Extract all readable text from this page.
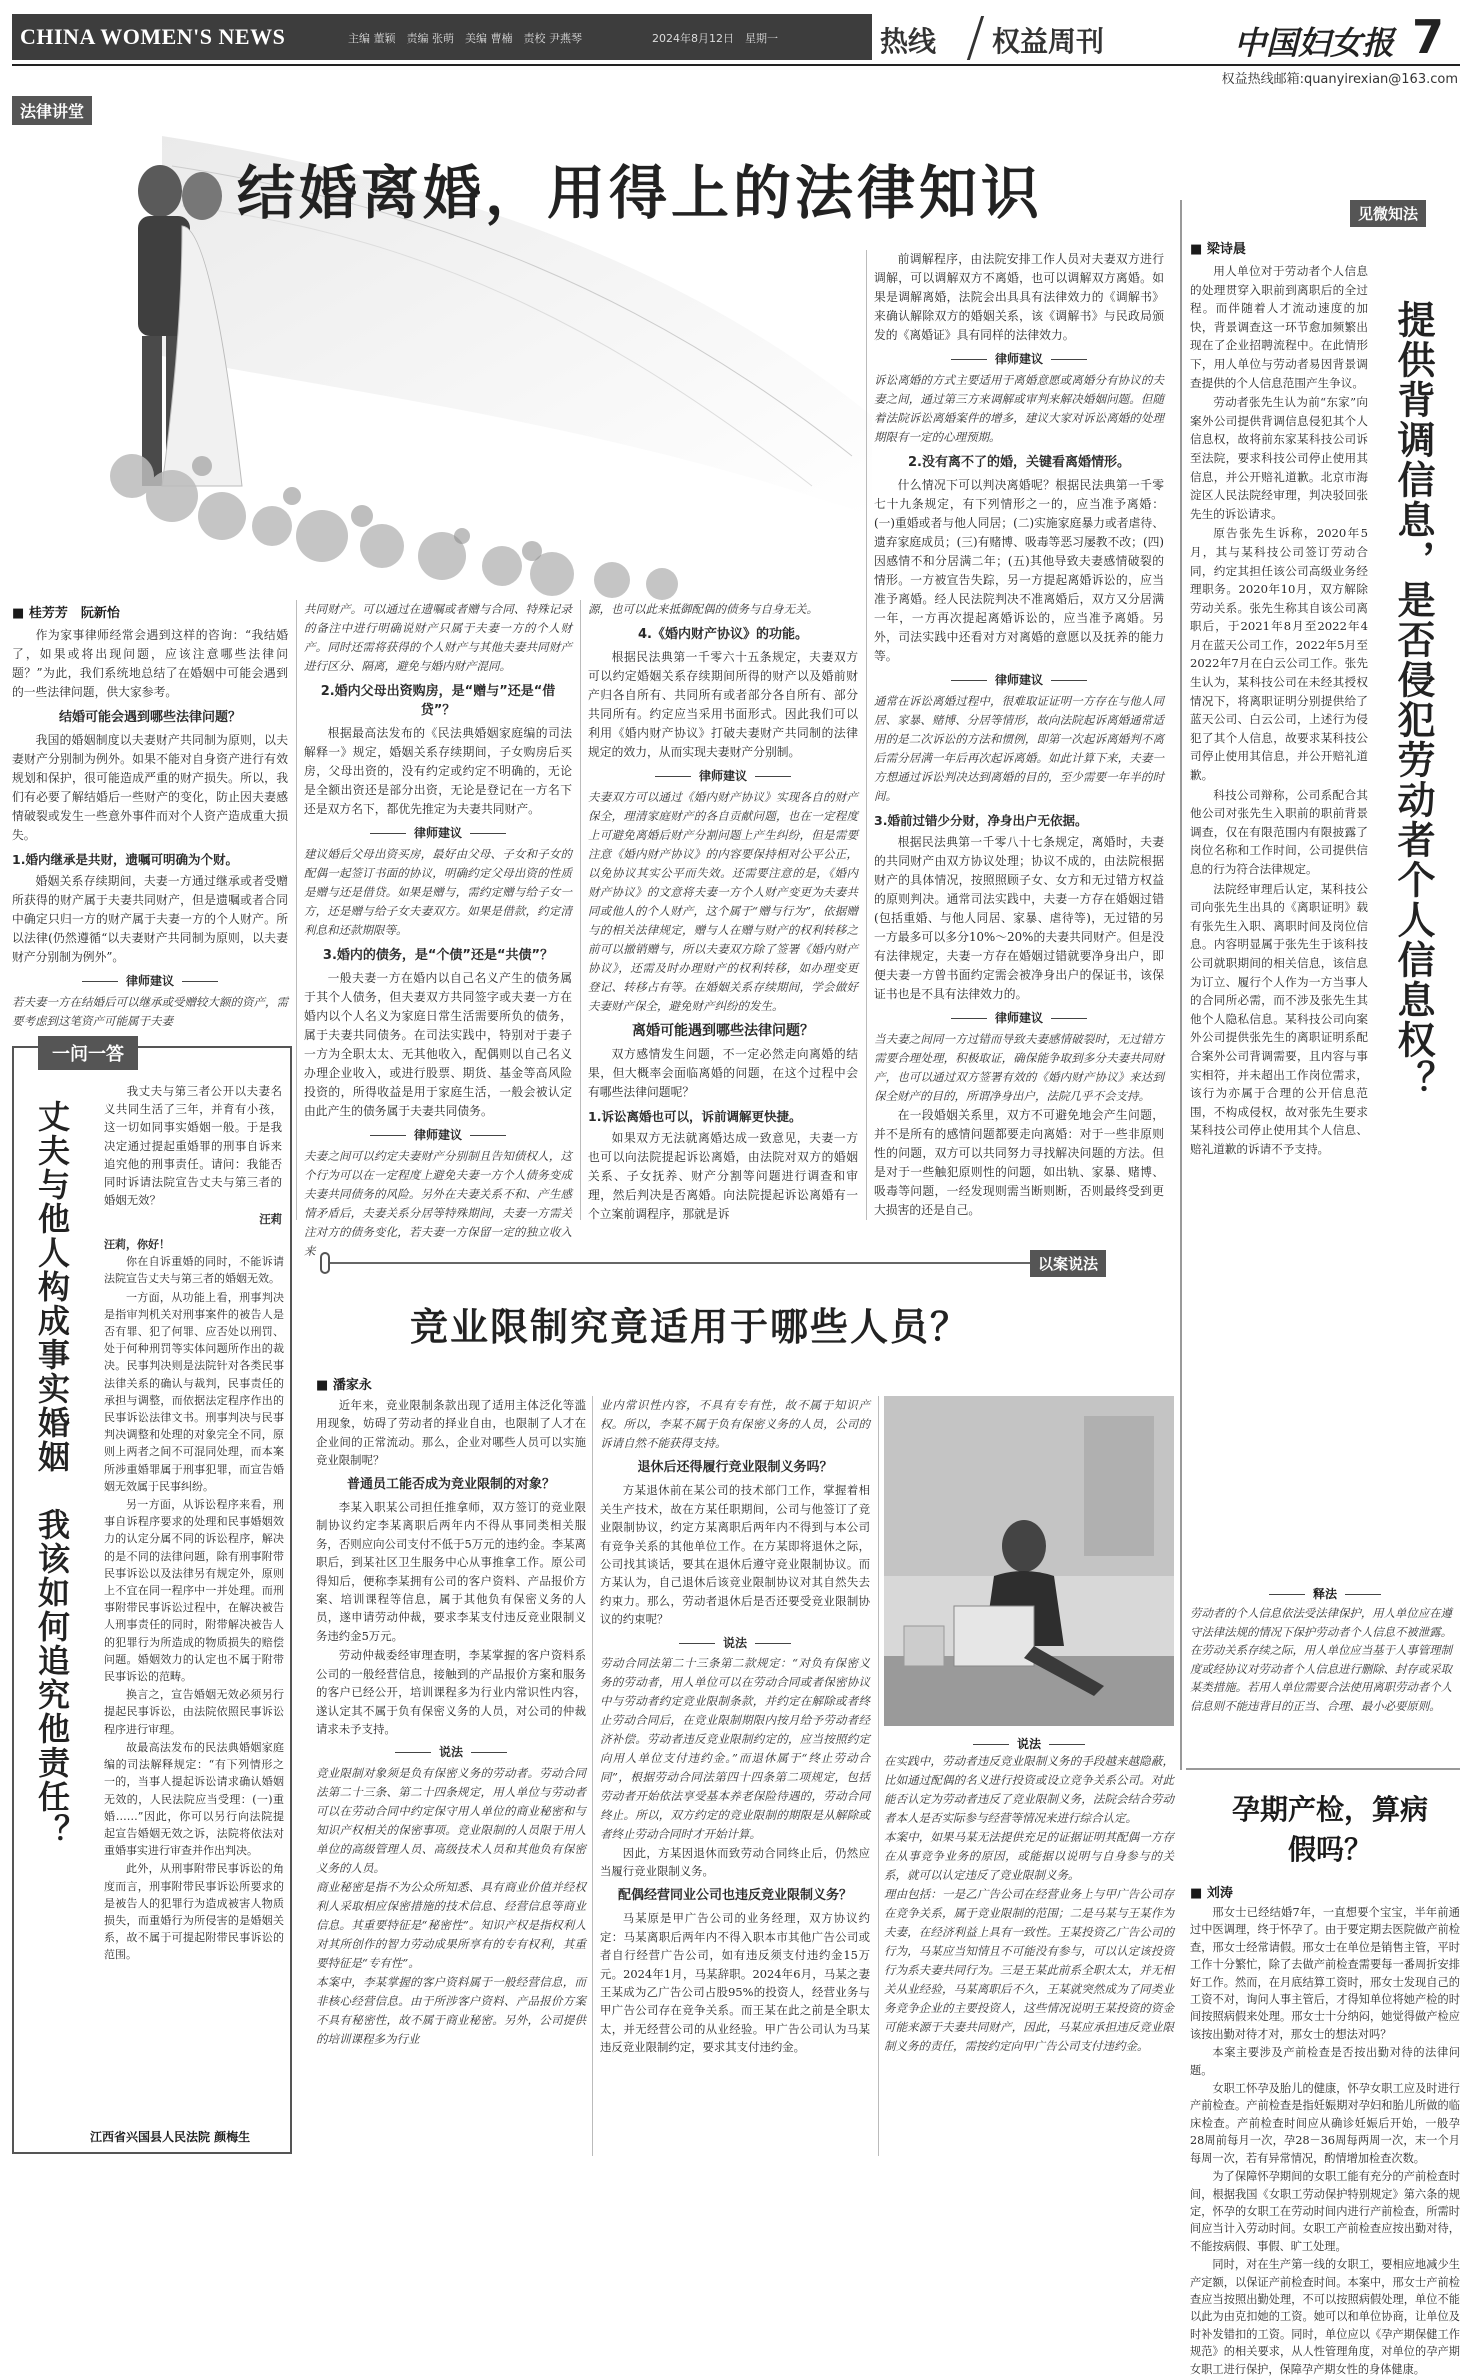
CHINA WOMEN'S NEWS	主编 董颖　责编 张萌　美编 曹楠　责校 尹燕琴	2024年8月12日　星期一	热线 权益周刊	中国妇女报 7
权益热线邮箱:quanyirexian@163.com
法律讲堂
结婚离婚，用得上的法律知识
■ 桂芳芳　阮新怡

作为家事律师经常会遇到这样的咨询：“我结婚了，如果或将出现问题，应该注意哪些法律问题？”为此，我们系统地总结了在婚姻中可能会遇到的一些法律问题，供大家参考。

结婚可能会遇到哪些法律问题？

我国的婚姻制度以夫妻财产共同制为原则，以夫妻财产分别制为例外。如果不能对自身资产进行有效规划和保护，很可能造成严重的财产损失。所以，我们有必要了解结婚后一些财产的变化，防止因夫妻感情破裂或发生一些意外事件而对个人资产造成重大损失。

1.婚内继承是共财，遗嘱可明确为个财。

婚姻关系存续期间，夫妻一方通过继承或者受赠所获得的财产属于夫妻共同财产，但是遗嘱或者合同中确定只归一方的财产属于夫妻一方的个人财产。所以法律(仍然遵循“以夫妻财产共同制为原则，以夫妻财产分别制为例外”。

律师建议
若夫妻一方在结婚后可以继承或受赠较大额的资产，需要考虑到这笔资产可能属于夫妻
共同财产。可以通过在遗嘱或者赠与合同、特殊记录的备注中进行明确说财产只属于夫妻一方的个人财产。同时还需将获得的个人财产与其他夫妻共同财产进行区分、隔离，避免与婚内财产混同。
2.婚内父母出资购房，是“赠与”还是“借贷”？

根据最高法发布的《民法典婚姻家庭编的司法解释一》规定，婚姻关系存续期间，子女购房后买房，父母出资的，没有约定或约定不明确的，无论是全额出资还是部分出资，无论是登记在一方名下还是双方名下，都优先推定为夫妻共同财产。

律师建议
建议婚后父母出资买房，最好由父母、子女和子女的配偶一起签订书面的协议，明确约定父母出资的性质是赠与还是借贷。如果是赠与，需约定赠与给子女一方，还是赠与给子女夫妻双方。如果是借款，约定清利息和还款期限等。
3.婚内的债务，是“个债”还是“共债”？

一般夫妻一方在婚内以自己名义产生的债务属于其个人债务，但夫妻双方共同签字或夫妻一方在婚内以个人名义为家庭日常生活需要所负的债务，属于夫妻共同债务。在司法实践中，特别对于妻子一方为全职太太、无其他收入，配偶则以自己名义办理企业收入，或进行股票、期货、基金等高风险投资的，所得收益是用于家庭生活，一般会被认定由此产生的债务属于夫妻共同债务。

律师建议
夫妻之间可以约定夫妻财产分别制且告知债权人，这个行为可以在一定程度上避免夫妻一方个人债务变成夫妻共同债务的风险。另外在夫妻关系不和、产生感情矛盾后，夫妻关系分居等特殊期间，夫妻一方需关注对方的债务变化，若夫妻一方保留一定的独立收入来
源，也可以此来抵御配偶的债务与自身无关。
4.《婚内财产协议》的功能。

根据民法典第一千零六十五条规定，夫妻双方可以约定婚姻关系存续期间所得的财产以及婚前财产归各自所有、共同所有或者部分各自所有、部分共同所有。约定应当采用书面形式。因此我们可以利用《婚内财产协议》打破夫妻财产共同制的法律规定的效力，从而实现夫妻财产分别制。

律师建议
夫妻双方可以通过《婚内财产协议》实现各自的财产保全，理清家庭财产的各自贡献问题，也在一定程度上可避免离婚后财产分割问题上产生纠纷，但是需要注意《婚内财产协议》的内容要保持相对公平公正，以免协议其实公平而失效。还需要注意的是，《婚内财产协议》的文意将夫妻一方个人财产变更为夫妻共同或他人的个人财产，这个属于“赠与行为”，依据赠与的相关法律规定，赠与人在赠与财产的权利转移之前可以撤销赠与，所以夫妻双方除了签署《婚内财产协议》，还需及时办理财产的权利转移，如办理变更登记、转移占有等。在婚姻关系存续期间，学会做好夫妻财产保全，避免财产纠纷的发生。
离婚可能遇到哪些法律问题？

双方感情发生问题，不一定必然走向离婚的结果，但大概率会面临离婚的问题，在这个过程中会有哪些法律问题呢？

1.诉讼离婚也可以，诉前调解更快捷。

如果双方无法就离婚达成一致意见，夫妻一方也可以向法院提起诉讼离婚，由法院对双方的婚姻关系、子女抚养、财产分割等问题进行调查和审理，然后判决是否离婚。向法院提起诉讼离婚有一个立案前调程序，那就是诉

前调解程序，由法院安排工作人员对夫妻双方进行调解，可以调解双方不离婚，也可以调解双方离婚。如果是调解离婚，法院会出具具有法律效力的《调解书》来确认解除双方的婚姻关系，该《调解书》与民政局颁发的《离婚证》具有同样的法律效力。

律师建议
诉讼离婚的方式主要适用于离婚意愿或离婚分有协议的夫妻之间，通过第三方来调解或审判来解决婚姻问题。但随着法院诉讼离婚案件的增多，建议大家对诉讼离婚的处理期限有一定的心理预期。
2.没有离不了的婚，关键看离婚情形。

什么情况下可以判决离婚呢？根据民法典第一千零七十九条规定，有下列情形之一的，应当准予离婚：(一)重婚或者与他人同居；(二)实施家庭暴力或者虐待、遗弃家庭成员；(三)有赌博、吸毒等恶习屡教不改；(四)因感情不和分居满二年；(五)其他导致夫妻感情破裂的情形。一方被宣告失踪，另一方提起离婚诉讼的，应当准予离婚。经人民法院判决不准离婚后，双方又分居满一年，一方再次提起离婚诉讼的，应当准予离婚。另外，司法实践中还看对方对离婚的意愿以及抚养的能力等。

律师建议
通常在诉讼离婚过程中，很难取证证明一方存在与他人同居、家暴、赌博、分居等情形，故向法院起诉离婚通常适用的是二次诉讼的方法和惯例，即第一次起诉离婚判不离后需分居满一年后再次起诉离婚。如此计算下来，夫妻一方想通过诉讼判决达到离婚的目的，至少需要一年半的时间。
3.婚前过错少分财，净身出户无依据。

根据民法典第一千零八十七条规定，离婚时，夫妻的共同财产由双方协议处理；协议不成的，由法院根据财产的具体情况，按照照顾子女、女方和无过错方权益的原则判决。通常司法实践中，夫妻一方存在婚姻过错(包括重婚、与他人同居、家暴、虐待等)，无过错的另一方最多可以多分10%～20%的夫妻共同财产。但是没有法律规定，夫妻一方存在婚姻过错就要净身出户，即便夫妻一方曾书面约定需会被净身出户的保证书，该保证书也是不具有法律效力的。

律师建议
当夫妻之间同一方过错而导致夫妻感情破裂时，无过错方需要合理处理，积极取证，确保能争取到多分夫妻共同财产，也可以通过双方签署有效的《婚内财产协议》来达到保全财产的目的，所谓净身出户，法院几乎不会支持。

在一段婚姻关系里，双方不可避免地会产生问题，并不是所有的感情问题都要走向离婚：对于一些非原则性的问题，双方可以共同努力寻找解决问题的方法。但是对于一些触犯原则性的问题，如出轨、家暴、赌博、吸毒等问题，一经发现则需当断则断，否则最终受到更大损害的还是自己。

见微知法
■ 梁诗晨

用人单位对于劳动者个人信息的处理贯穿入职前到离职后的全过程。而伴随着人才流动速度的加快，背景调查这一环节愈加频繁出现在了企业招聘流程中。在此情形下，用人单位与劳动者易因背景调查提供的个人信息范围产生争议。

劳动者张先生认为前“东家”向案外公司提供背调信息侵犯其个人信息权，故将前东家某科技公司诉至法院，要求科技公司停止使用其信息，并公开赔礼道歉。北京市海淀区人民法院经审理，判决驳回张先生的诉讼请求。

原告张先生诉称，2020年5月，其与某科技公司签订劳动合同，约定其担任该公司高级业务经理职务。2020年10月，双方解除劳动关系。张先生称其自该公司离职后，于2021年8月至2022年4月在蓝天公司工作，2022年5月至2022年7月在白云公司工作。张先生认为，某科技公司在未经其授权情况下，将离职证明分别提供给了蓝天公司、白云公司，上述行为侵犯了其个人信息，故要求某科技公司停止使用其信息，并公开赔礼道歉。

科技公司辩称，公司系配合其他公司对张先生入职前的职前背景调查，仅在有限范围内有限披露了岗位名称和工作时间，公司提供信息的行为符合法律规定。

法院经审理后认定，某科技公司向张先生出具的《离职证明》载有张先生入职、离职时间及岗位信息。内容明显属于张先生于该科技公司就职期间的相关信息，该信息为订立、履行个人作为一方当事人的合同所必需，而不涉及张先生其他个人隐私信息。某科技公司向案外公司提供张先生的离职证明系配合案外公司背调需要，且内容与事实相符，并未超出工作岗位需求，该行为亦属于合理的公开信息范围，不构成侵权，故对张先生要求某科技公司停止使用其个人信息、赔礼道歉的诉请不予支持。

提供背调信息，是否侵犯劳动者个人信息权？
释法
劳动者的个人信息依法受法律保护，用人单位应在遵守法律法规的情况下保护劳动者个人信息不被泄露。在劳动关系存续之际，用人单位应当基于人事管理制度或经协议对劳动者个人信息进行删除、封存或采取某类措施。若用人单位需要合法使用离职劳动者个人信息则不能违背目的正当、合理、最小必要原则。
孕期产检，算病假吗？
■ 刘涛

邢女士已经结婚7年，一直想要个宝宝，半年前通过中医调理，终于怀孕了。由于要定期去医院做产前检查，邢女士经常请假。邢女士在单位是销售主管，平时工作十分繁忙，除了去做产前检查需要每一番周折安排好工作。然而，在月底结算工资时，邢女士发现自己的工资不对，询问人事主管后，才得知单位将她产检的时间按照病假来处理。邢女士十分纳闷，她觉得做产检应该按出勤对待才对，那女士的想法对吗？

本案主要涉及产前检查是否按出勤对待的法律问题。

女职工怀孕及胎儿的健康，怀孕女职工应及时进行产前检查。产前检查是指妊娠期对孕妇和胎儿所做的临床检查。产前检查时间应从确诊妊娠后开始，一般孕28周前每月一次，孕28－36周每两周一次，末一个月每周一次，若有异常情况，酌情增加检查次数。

为了保障怀孕期间的女职工能有充分的产前检查时间，根据我国《女职工劳动保护特别规定》第六条的规定，怀孕的女职工在劳动时间内进行产前检查，所需时间应当计入劳动时间。女职工产前检查应按出勤对待，不能按病假、事假、旷工处理。

同时，对在生产第一线的女职工，要相应地减少生产定额，以保证产前检查时间。本案中，邢女士产前检查应当按照出勤处理，不可以按照病假处理，单位不能以此为由克扣她的工资。她可以和单位协商，让单位及时补发错扣的工资。同时，单位应以《孕产期保健工作规范》的相关要求，从人性管理角度，对单位的孕产期女职工进行保护，保障孕产期女性的身体健康。

一问一答

我丈夫与第三者公开以夫妻名义共同生活了三年，并育有小孩，这一切如同事实婚姻一般。于是我决定通过提起重婚罪的刑事自诉来追究他的刑事责任。请问：我能否同时诉请法院宣告丈夫与第三者的婚姻无效？

汪莉
丈夫与他人构成事实婚姻　我该如何追究他责任？	汪莉，你好！

你在自诉重婚的同时，不能诉请法院宣告丈夫与第三者的婚姻无效。

一方面，从功能上看，刑事判决是指审判机关对刑事案件的被告人是否有罪、犯了何罪、应否处以刑罚、处于何种刑罚等实体问题所作出的裁决。民事判决则是法院针对各类民事法律关系的确认与裁判，民事责任的承担与调整，而依据法定程序作出的民事诉讼法律文书。刑事判决与民事判决调整和处理的对象完全不同，原则上两者之间不可混同处理，而本案所涉重婚罪属于刑事犯罪，而宣告婚姻无效属于民事纠纷。

另一方面，从诉讼程序来看，刑事自诉程序要求的处理和民事婚姻效力的认定分属不同的诉讼程序，解决的是不同的法律问题，除有刑事附带民事诉讼以及法律另有规定外，原则上不宜在同一程序中一并处理。而刑事附带民事诉讼过程中，在解决被告人刑事责任的同时，附带解决被告人的犯罪行为所造成的物质损失的赔偿问题。婚姻效力的认定也不属于附带民事诉讼的范畴。

换言之，宣告婚姻无效必须另行提起民事诉讼，由法院依照民事诉讼程序进行审理。

故最高法发布的民法典婚姻家庭编的司法解释规定：“有下列情形之一的，当事人提起诉讼请求确认婚姻无效的，人民法院应当受理：(一)重婚……”因此，你可以另行向法院提起宣告婚姻无效之诉，法院将依法对重婚事实进行审查并作出判决。

此外，从刑事附带民事诉讼的角度而言，刑事附带民事诉讼所要求的是被告人的犯罪行为造成被害人物质损失，而重婚行为所侵害的是婚姻关系，故不属于可提起附带民事诉讼的范围。

江西省兴国县人民法院 颜梅生
以案说法
竞业限制究竟适用于哪些人员？
■ 潘家永

近年来，竞业限制条款出现了适用主体泛化等滥用现象，妨碍了劳动者的择业自由，也限制了人才在企业间的正常流动。那么，企业对哪些人员可以实施竞业限制呢？

普通员工能否成为竞业限制的对象？

李某入职某公司担任推拿师，双方签订的竞业限制协议约定李某离职后两年内不得从事同类相关服务，否则应向公司支付不低于5万元的违约金。李某离职后，到某社区卫生服务中心从事推拿工作。原公司得知后，便称李某拥有公司的客户资料、产品报价方案、培训课程等信息，属于其他负有保密义务的人员，遂申请劳动仲裁，要求李某支付违反竞业限制义务违约金5万元。

劳动仲裁委经审理查明，李某掌握的客户资料系公司的一般经营信息，接触到的产品报价方案和服务的客户已经公开，培训课程多为行业内常识性内容，遂认定其不属于负有保密义务的人员，对公司的仲裁请求未予支持。

说法
竞业限制对象须是负有保密义务的劳动者。劳动合同法第二十三条、第二十四条规定，用人单位与劳动者可以在劳动合同中约定保守用人单位的商业秘密和与知识产权相关的保密事项。竞业限制的人员限于用人单位的高级管理人员、高级技术人员和其他负有保密义务的人员。
商业秘密是指不为公众所知悉、具有商业价值并经权利人采取相应保密措施的技术信息、经营信息等商业信息。其重要特征是“秘密性”。知识产权是指权利人对其所创作的智力劳动成果所享有的专有权利，其重要特征是“专有性”。
本案中，李某掌握的客户资料属于一般经营信息，而非核心经营信息。由于所涉客户资料、产品报价方案不具有秘密性，故不属于商业秘密。另外，公司提供的培训课程多为行业
业内常识性内容，不具有专有性，故不属于知识产权。所以，李某不属于负有保密义务的人员，公司的诉请自然不能获得支持。
退休后还得履行竞业限制义务吗？

方某退休前在某公司的技术部门工作，掌握着相关生产技术，故在方某任职期间，公司与他签订了竞业限制协议，约定方某离职后两年内不得到与本公司有竞争关系的其他单位工作。在方某即将退休之际，公司找其谈话，要其在退休后遵守竞业限制协议。而方某认为，自己退休后该竞业限制协议对其自然失去约束力。那么，劳动者退休后是否还要受竞业限制协议的约束呢？

说法
劳动合同法第二十三条第二款规定：“对负有保密义务的劳动者，用人单位可以在劳动合同或者保密协议中与劳动者约定竞业限制条款，并约定在解除或者终止劳动合同后，在竞业限制期限内按月给予劳动者经济补偿。劳动者违反竞业限制约定的，应当按照约定向用人单位支付违约金。”而退休属于“终止劳动合同”，根据劳动合同法第四十四条第二项规定，包括劳动者开始依法享受基本养老保险待遇的，劳动合同终止。所以，双方约定的竞业限制的期限是从解除或者终止劳动合同时才开始计算。

因此，方某因退休而致劳动合同终止后，仍然应当履行竞业限制义务。

配偶经营同业公司也违反竞业限制义务？

马某原是甲广告公司的业务经理，双方协议约定：马某离职后两年内不得入职本市其他广告公司或者自行经营广告公司，如有违反须支付违约金15万元。2024年1月，马某辞职。2024年6月，马某之妻王某成为乙广告公司占股95%的投资人，经营业务与甲广告公司存在竞争关系。而王某在此之前是全职太太，并无经营公司的从业经验。甲广告公司认为马某违反竞业限制约定，要求其支付违约金。

说法
在实践中，劳动者违反竞业限制义务的手段越来越隐蔽，比如通过配偶的名义进行投资或设立竞争关系公司。对此能否认定为劳动者违反了竞业限制义务，法院会结合劳动者本人是否实际参与经营等情况来进行综合认定。
本案中，如果马某无法提供充足的证据证明其配偶一方存在从事竞争业务的原因，或能据以说明与自身参与的关系，就可以认定违反了竞业限制义务。
理由包括：一是乙广告公司在经营业务上与甲广告公司存在竞争关系，属于竞业限制的范围；二是马某与王某作为夫妻，在经济利益上具有一致性。王某投资乙广告公司的行为，马某应当知情且不可能没有参与，可以认定该投资行为系夫妻共同行为。三是王某此前系全职太太，并无相关从业经验，马某离职后不久，王某就突然成为了同类业务竞争企业的主要投资人，这些情况说明王某投资的资金可能来源于夫妻共同财产，因此，马某应承担违反竞业限制义务的责任，需按约定向甲广告公司支付违约金。
